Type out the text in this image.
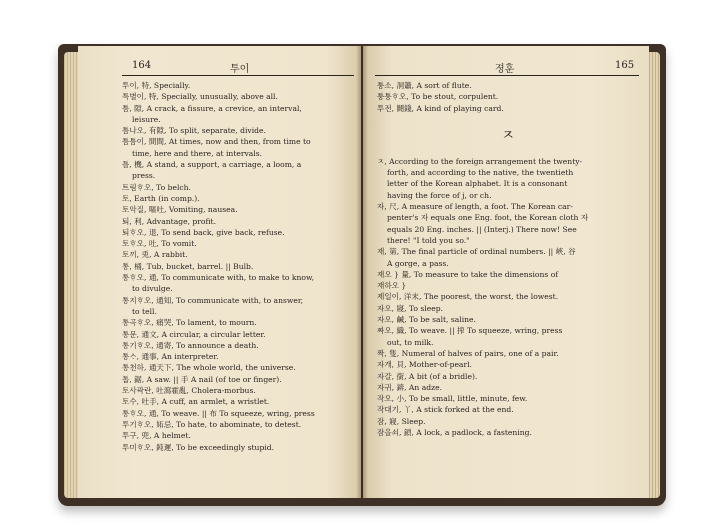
164	투이
투이, 特, Specially.
특별이, 特, Specially, unusually, above all.
틈, 隙, A crack, a fissure, a crevice, an interval,
leisure.
틈나오, 有隙, To split, separate, divide.
틈틈이, 間間, At times, now and then, from time to
time, here and there, at intervals.
틀, 機, A stand, a support, a carriage, a loom, a
press.
트림ᄒᆞ오, To belch.
토, Earth (in comp.).
토악질, 嘔吐, Vomiting, nausea.
퇴, 利, Advantage, profit.
퇴ᄒᆞ오, 退, To send back, give back, refuse.
토ᄒᆞ오, 吐, To vomit.
토끼, 兎, A rabbit.
통, 桶, Tub, bucket, barrel. || Bulb.
통ᄒᆞ오, 通, To communicate with, to make to know,
to divulge.
통지ᄒᆞ오, 通知, To communicate with, to answer,
to tell.
통곡ᄒᆞ오, 痛哭, To lament, to mourn.
통문, 通文, A circular, a circular letter.
통기ᄒᆞ오, 通寄, To announce a death.
통ᄉᆞ, 通事, An interpreter.
통천하, 通天下, The whole world, the universe.
톱, 鋸, A saw. || 手 A nail (of toe or finger).
토사곽란, 吐瀉霍亂, Cholera-morbus.
토수, 吐手, A cuff, an armlet, a wristlet.
통ᄒᆞ오, 通, To weave. || 布 To squeeze, wring, press
투기ᄒᆞ오, 妬忌, To hate, to abominate, to detest.
투구, 兜, A helmet.
투미ᄒᆞ오, 鈍遲, To be exceedingly stupid.
졍훈	165
퉁소, 洞簫, A sort of flute.
퉁퉁ᄒᆞ오, To be stout, corpulent.
투전, 鬪錢, A kind of playing card.
ㅈ
ㅈ, According to the foreign arrangement the twenty-
forth, and according to the native, the twentieth
letter of the Korean alphabet. It is a consonant
having the force of j, or ch.
자, 尺, A measure of length, a foot. The Korean car-
penter's 자 equals one Eng. foot, the Korean cloth 자
equals 20 Eng. inches. || (Interj.) There now! See
there! "I told you so."
재, 第, The final particle of ordinal numbers. || 峽, 谷
A gorge, a pass.
재오 } 量, To measure to take the dimensions of
재하오 }
제일이, 洋末, The poorest, the worst, the lowest.
자오, 寢, To sleep.
자오, 鹹, To be salt, saline.
짜오, 織, To weave. || 搾 To squeeze, wring, press
out, to milk.
짝, 隻, Numeral of halves of pairs, one of a pair.
자개, 貝, Mother-of-pearl.
자갈, 銜, A bit (of a bridle).
자귀, 錛, An adze.
작오, 小, To be small, little, minute, few.
작대기, 丫, A stick forked at the end.
잠, 寢, Sleep.
잠을쇠, 鎖, A lock, a padlock, a fastening.
